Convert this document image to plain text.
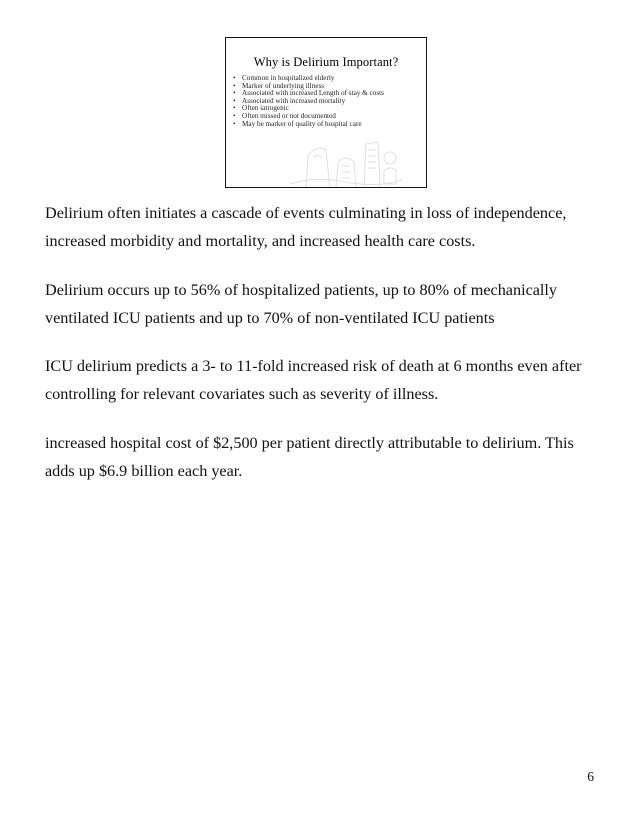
Why is Delirium Important?
• Common in hospitalized elderly
• Marker of underlying illness
• Associated with increased Length of stay & costs
• Associated with increased mortality
• Often iatrogenic
• Often missed or not documented
• May be marker of quality of hospital care

Delirium often initiates a cascade of events culminating in loss of independence, increased morbidity and mortality, and increased health care costs.

Delirium occurs up to 56% of hospitalized patients, up to 80% of mechanically ventilated ICU patients and up to 70% of non-ventilated ICU patients

ICU delirium predicts a 3- to 11-fold increased risk of death at 6 months even after controlling for relevant covariates such as severity of illness.

increased hospital cost of $2,500 per patient directly attributable to delirium. This adds up $6.9 billion each year.

6
